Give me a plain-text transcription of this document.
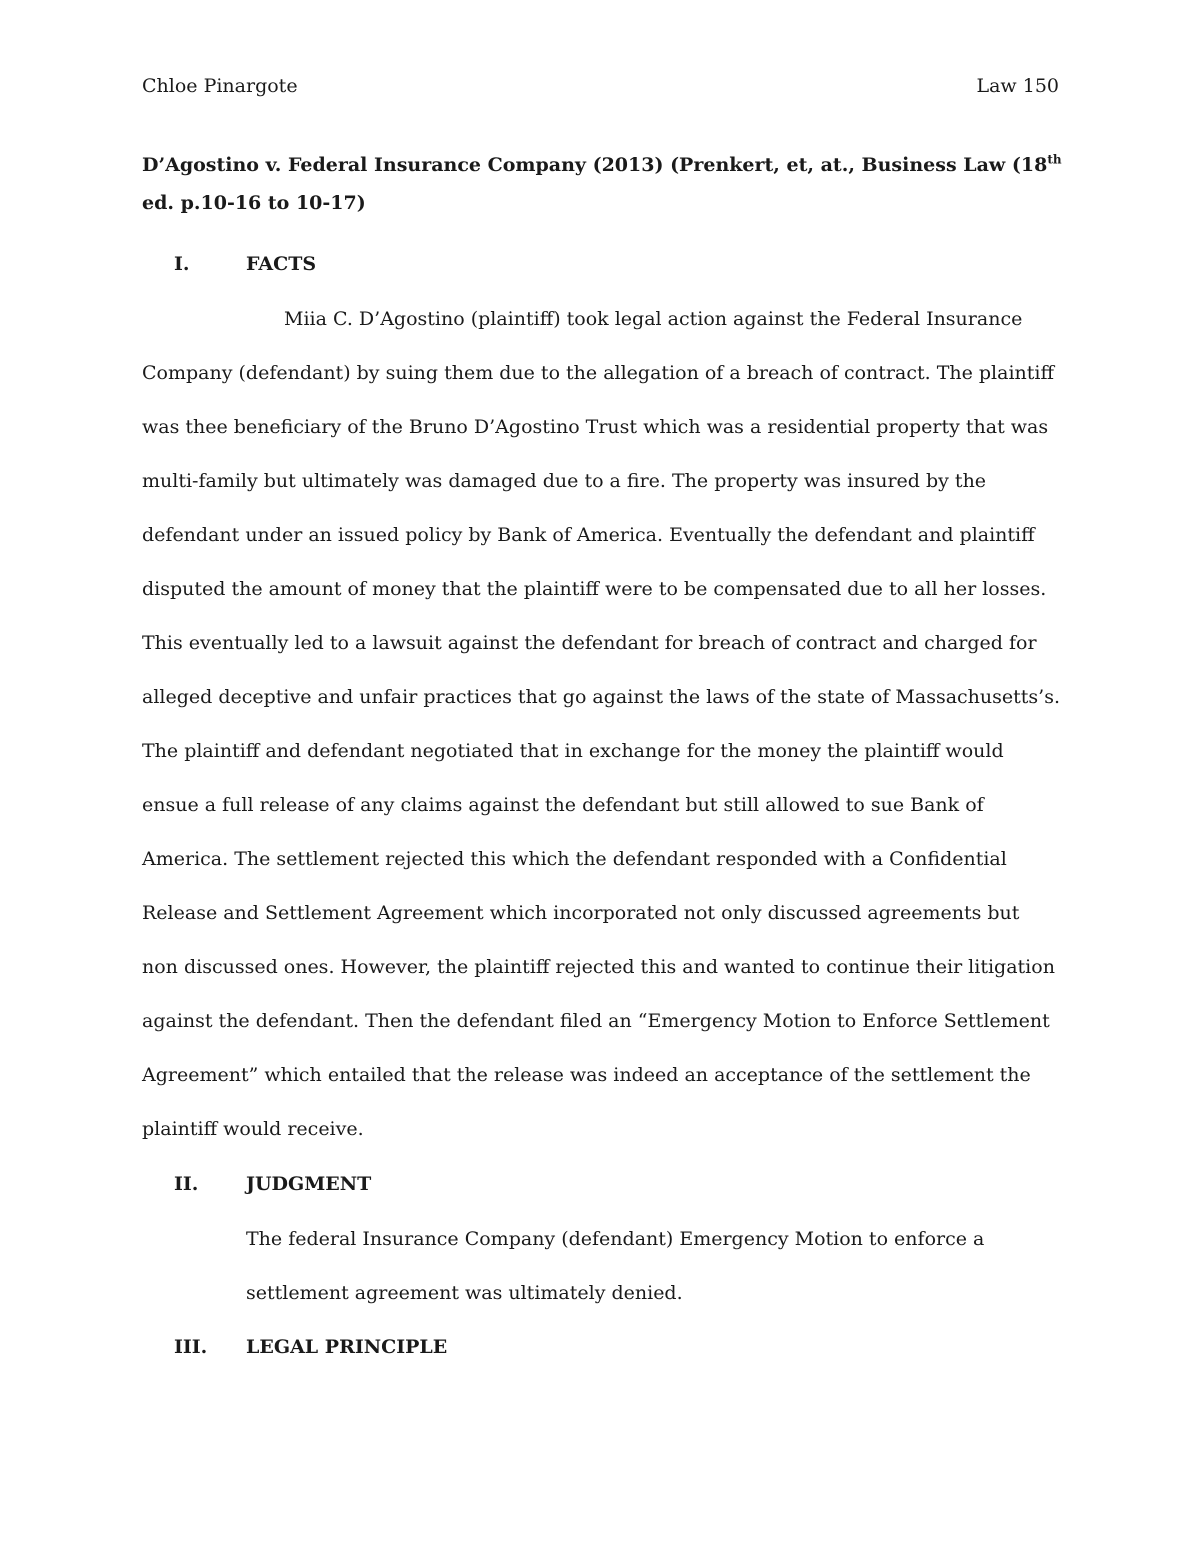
Chloe Pinargote	Law 150
D’Agostino v. Federal Insurance Company (2013) (Prenkert, et, at., Business Law (18th ed. p.10-16 to 10-17)
I.	FACTS

Miia C. D’Agostino (plaintiff) took legal action against the Federal Insurance Company (defendant) by suing them due to the allegation of a breach of contract. The plaintiff was thee beneficiary of the Bruno D’Agostino Trust which was a residential property that was multi-family but ultimately was damaged due to a fire. The property was insured by the defendant under an issued policy by Bank of America. Eventually the defendant and plaintiff disputed the amount of money that the plaintiff were to be compensated due to all her losses. This eventually led to a lawsuit against the defendant for breach of contract and charged for alleged deceptive and unfair practices that go against the laws of the state of Massachusetts’s. The plaintiff and defendant negotiated that in exchange for the money the plaintiff would ensue a full release of any claims against the defendant but still allowed to sue Bank of America. The settlement rejected this which the defendant responded with a Confidential Release and Settlement Agreement which incorporated not only discussed agreements but non discussed ones. However, the plaintiff rejected this and wanted to continue their litigation against the defendant. Then the defendant filed an “Emergency Motion to Enforce Settlement Agreement” which entailed that the release was indeed an acceptance of the settlement the plaintiff would receive.

II.	JUDGMENT

The federal Insurance Company (defendant) Emergency Motion to enforce a settlement agreement was ultimately denied.

III. LEGAL PRINCIPLE
